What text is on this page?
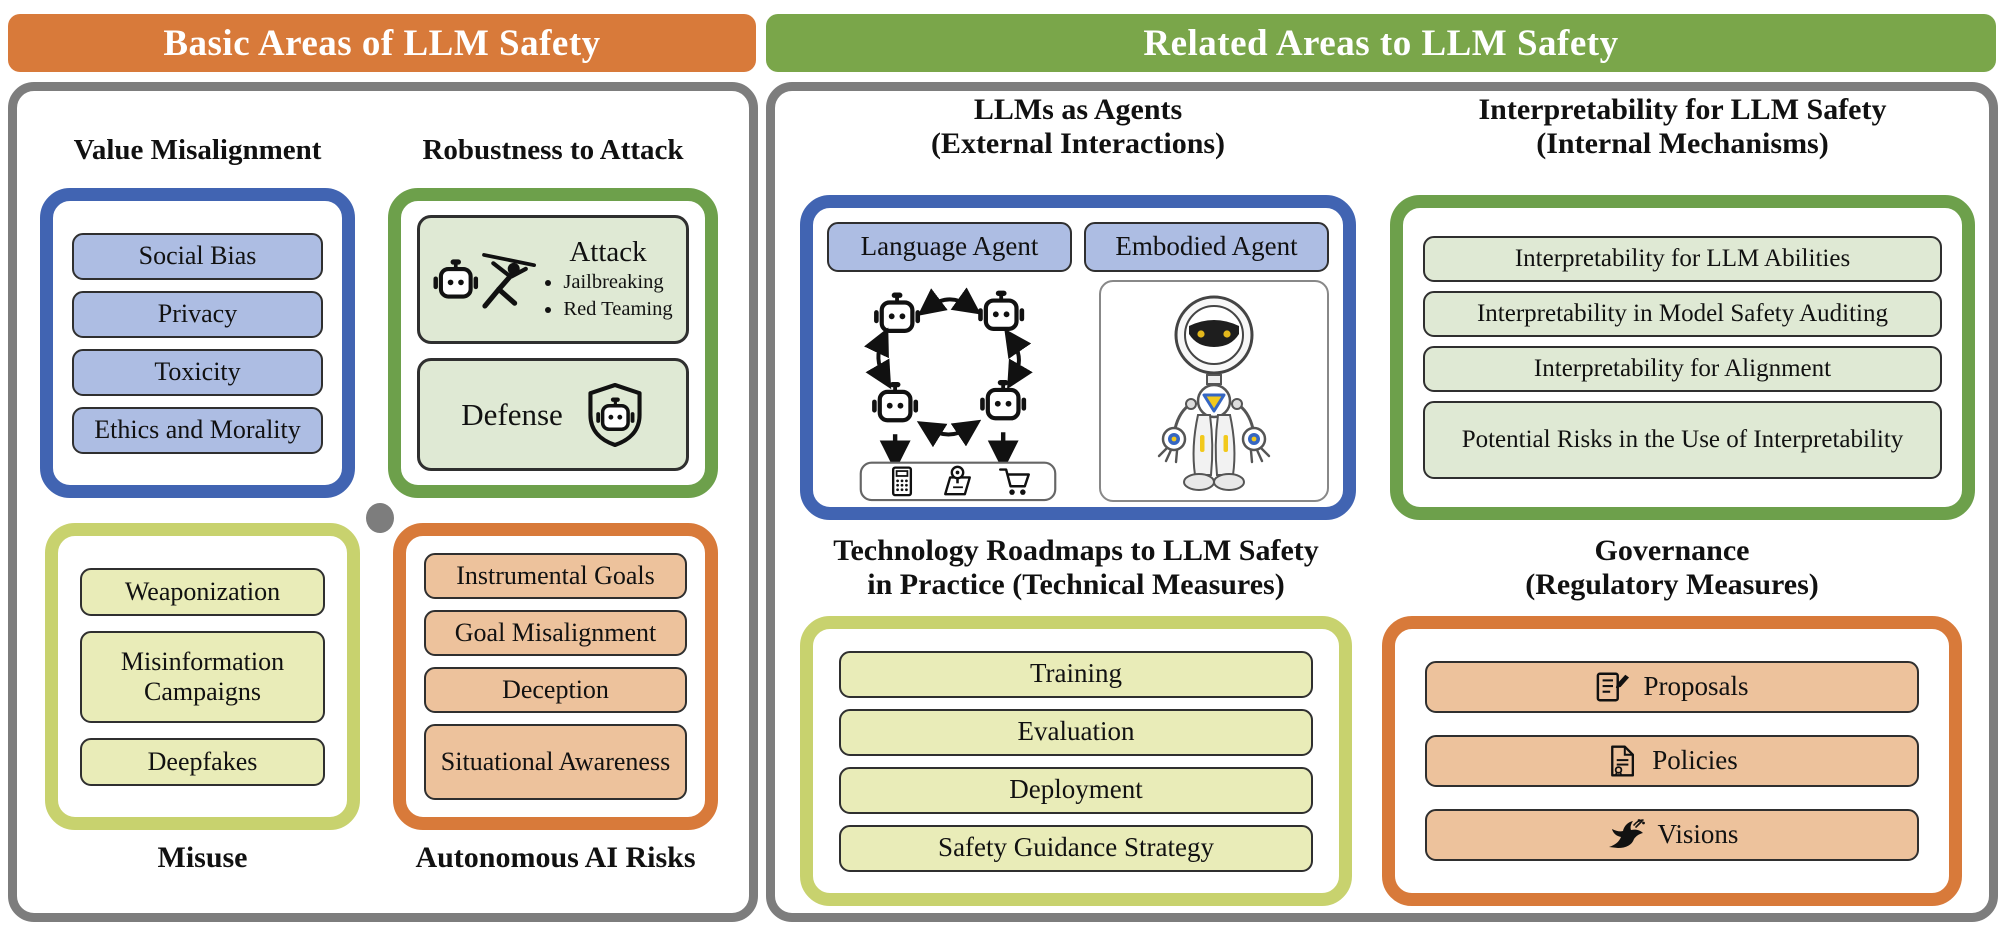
Basic Areas of LLM Safety	Related Areas to LLM Safety
Value Misalignment	Robustness to Attack
Social Bias
Privacy
Toxicity
Ethics and Morality
Attack
• Jailbreaking
• Red Teaming
Defense
Weaponization
Misinformation Campaigns
Deepfakes
Instrumental Goals
Goal Misalignment
Deception
Situational Awareness
Misuse	Autonomous AI Risks
LLMs as Agents
(External Interactions)
Interpretability for LLM Safety
(Internal Mechanisms)
Language Agent	Embodied Agent	Interpretability for LLM Abilities
Interpretability in Model Safety Auditing
Interpretability for Alignment
Potential Risks in the Use of Interpretability
Technology Roadmaps to LLM Safety
in Practice (Technical Measures)
Governance
(Regulatory Measures)
Training
Evaluation
Deployment
Safety Guidance Strategy
Proposals
Policies
Visions
